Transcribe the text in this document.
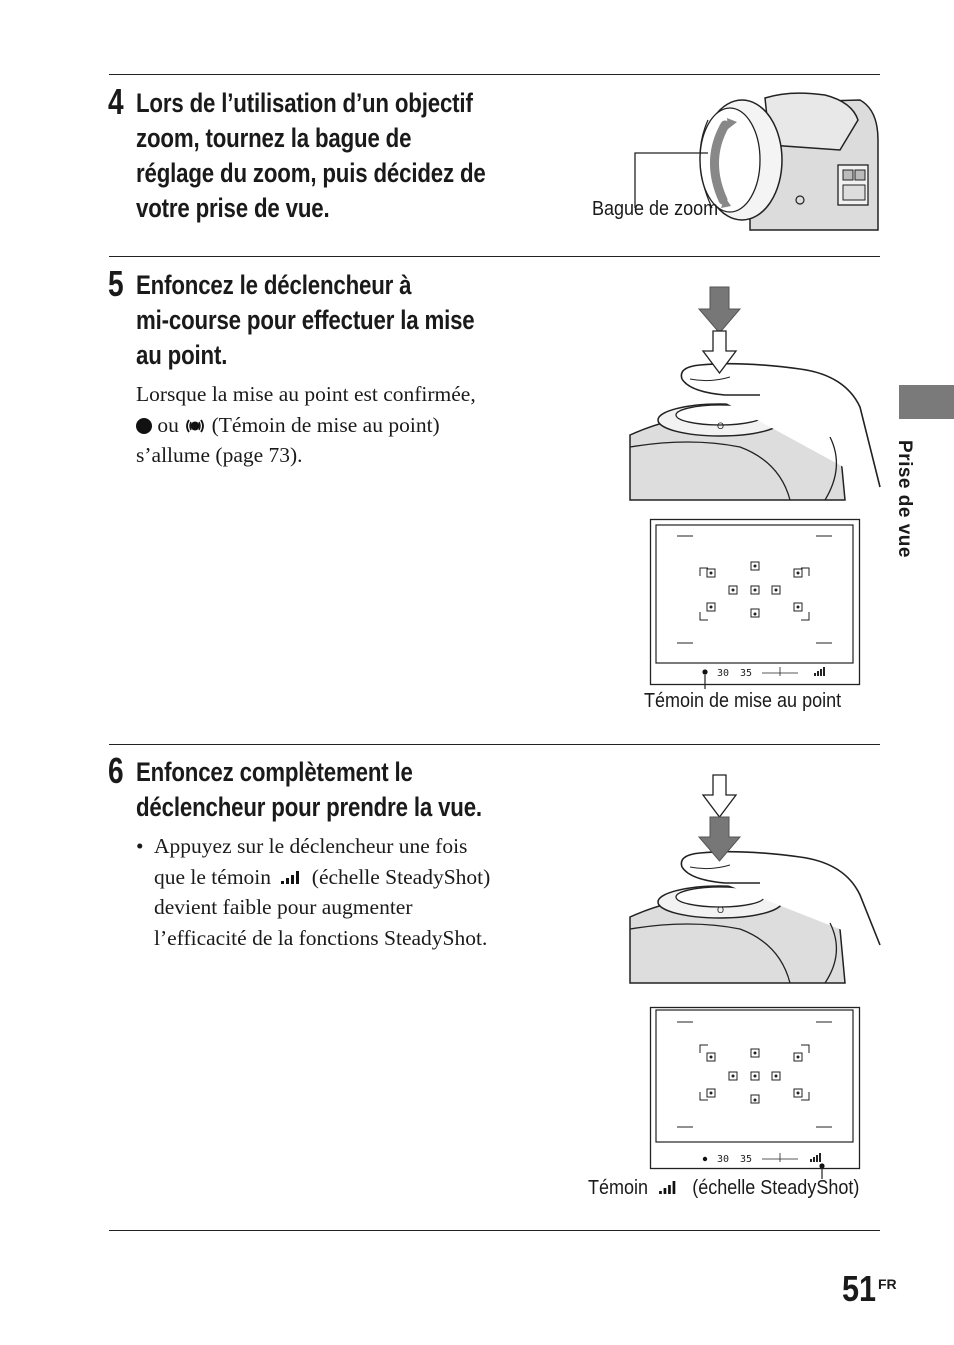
4 Lors de l’utilisation d’un objectif
zoom, tournez la bague de
réglage du zoom, puis décidez de
votre prise de vue.	Bague de zoom
5 Enfoncez le déclencheur à
mi-course pour effectuer la mise
au point.
Lorsque la mise au point est confirmée,
ou (Témoin de mise au point)
s’allume (page 73).
O
30 35
Témoin de mise au point
6 Enfoncez complètement le
déclencheur pour prendre la vue.
• Appuyez sur le déclencheur une fois
que le témoin (échelle SteadyShot)
devient faible pour augmenter
l’efficacité de la fonctions SteadyShot.
O
30 35
Témoin (échelle SteadyShot)
Prise de vue
51 FR
